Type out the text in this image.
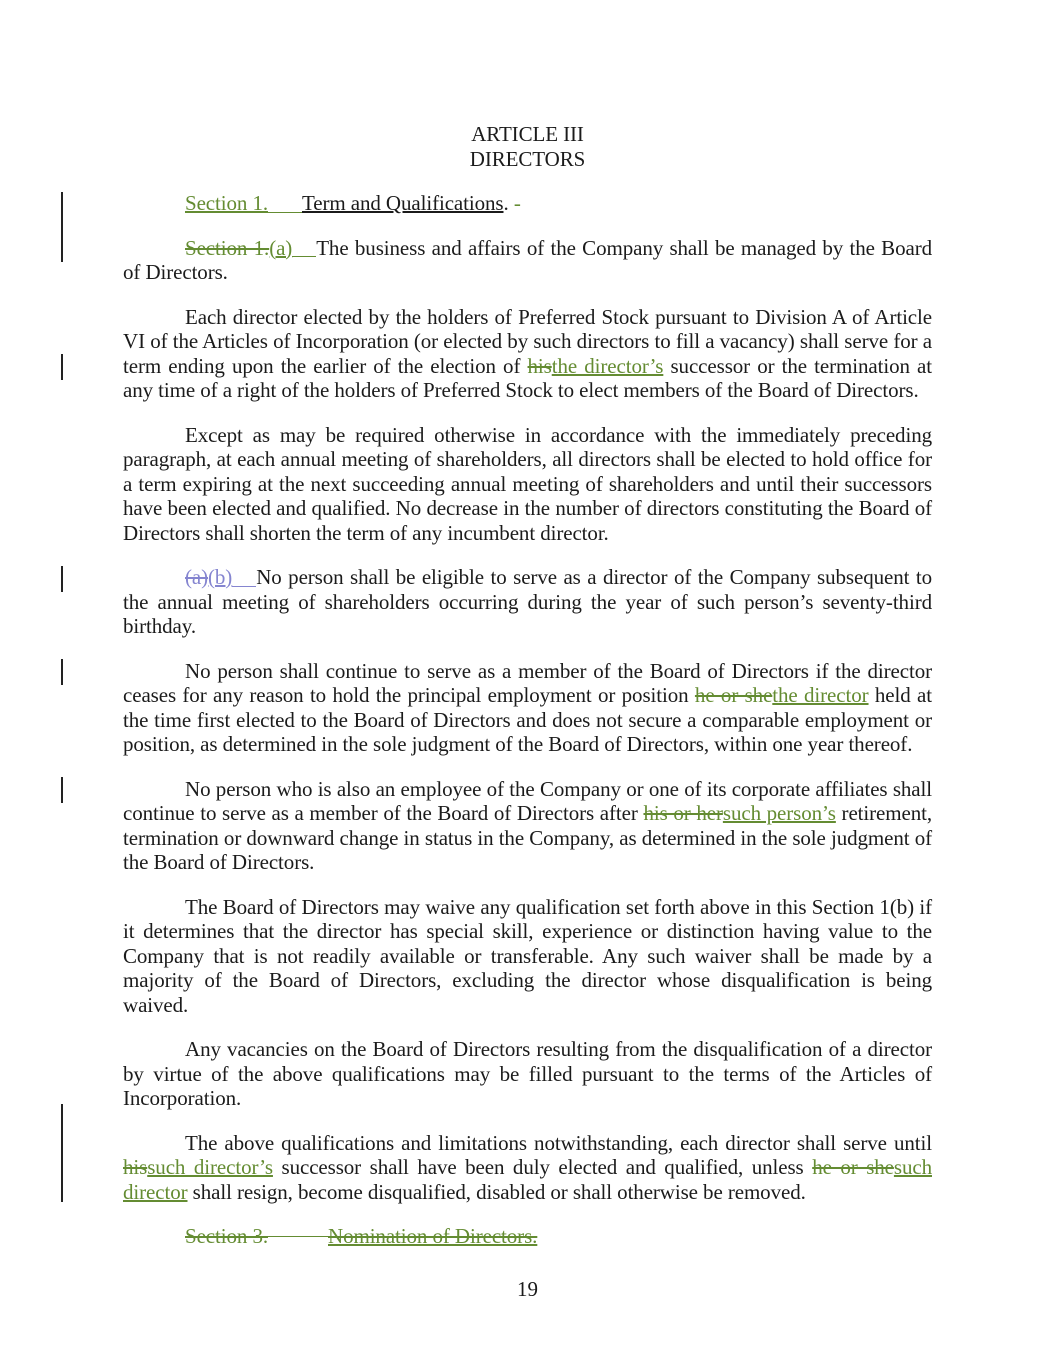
ARTICLE III

DIRECTORS

Section 1. Term and Qualifications. -

Section 1.(a) The business and affairs of the Company shall be managed by the Board of Directors.

Each director elected by the holders of Preferred Stock pursuant to Division A of Article VI of the Articles of Incorporation (or elected by such directors to fill a vacancy) shall serve for a term ending upon the earlier of the election of histhe director’s successor or the termination at any time of a right of the holders of Preferred Stock to elect members of the Board of Directors.

Except as may be required otherwise in accordance with the immediately preceding paragraph, at each annual meeting of shareholders, all directors shall be elected to hold office for a term expiring at the next succeeding annual meeting of shareholders and until their successors have been elected and qualified. No decrease in the number of directors constituting the Board of Directors shall shorten the term of any incumbent director.

(a)(b) No person shall be eligible to serve as a director of the Company subsequent to the annual meeting of shareholders occurring during the year of such person’s seventy-third birthday.

No person shall continue to serve as a member of the Board of Directors if the director ceases for any reason to hold the principal employment or position he or shethe director held at the time first elected to the Board of Directors and does not secure a comparable employment or position, as determined in the sole judgment of the Board of Directors, within one year thereof.

No person who is also an employee of the Company or one of its corporate affiliates shall continue to serve as a member of the Board of Directors after his or hersuch person’s retirement, termination or downward change in status in the Company, as determined in the sole judgment of the Board of Directors.

The Board of Directors may waive any qualification set forth above in this Section 1(b) if it determines that the director has special skill, experience or distinction having value to the Company that is not readily available or transferable. Any such waiver shall be made by a majority of the Board of Directors, excluding the director whose disqualification is being waived.

Any vacancies on the Board of Directors resulting from the disqualification of a director by virtue of the above qualifications may be filled pursuant to the terms of the Articles of Incorporation.

The above qualifications and limitations notwithstanding, each director shall serve until hissuch director’s successor shall have been duly elected and qualified, unless he or shesuch director shall resign, become disqualified, disabled or shall otherwise be removed.

Section 3.	Nomination of Directors.

19
